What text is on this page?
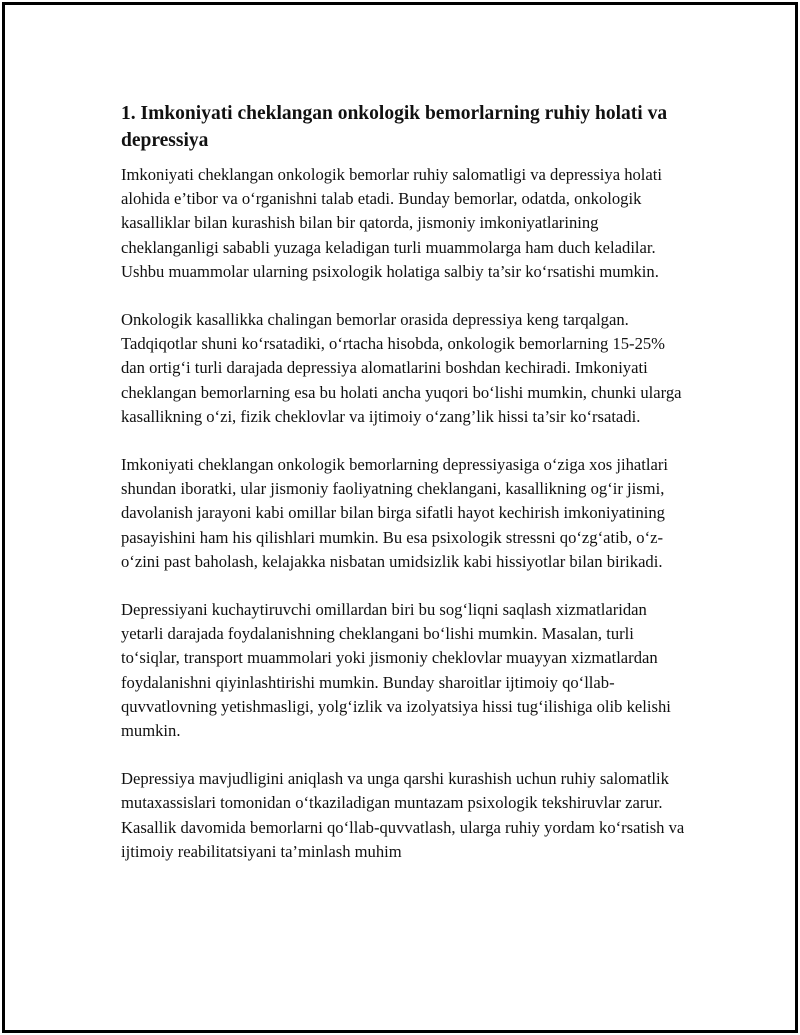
1. Imkoniyati cheklangan onkologik bemorlarning ruhiy holati va depressiya

Imkoniyati cheklangan onkologik bemorlar ruhiy salomatligi va depressiya holati alohida e’tibor va o‘rganishni talab etadi. Bunday bemorlar, odatda, onkologik kasalliklar bilan kurashish bilan bir qatorda, jismoniy imkoniyatlarining cheklanganligi sababli yuzaga keladigan turli muammolarga ham duch keladilar. Ushbu muammolar ularning psixologik holatiga salbiy ta’sir ko‘rsatishi mumkin.

Onkologik kasallikka chalingan bemorlar orasida depressiya keng tarqalgan. Tadqiqotlar shuni ko‘rsatadiki, o‘rtacha hisobda, onkologik bemorlarning 15-25% dan ortig‘i turli darajada depressiya alomatlarini boshdan kechiradi. Imkoniyati cheklangan bemorlarning esa bu holati ancha yuqori bo‘lishi mumkin, chunki ularga kasallikning o‘zi, fizik cheklovlar va ijtimoiy o‘zang’lik hissi ta’sir ko‘rsatadi.

Imkoniyati cheklangan onkologik bemorlarning depressiyasiga o‘ziga xos jihatlari shundan iboratki, ular jismoniy faoliyatning cheklangani, kasallikning og‘ir jismi, davolanish jarayoni kabi omillar bilan birga sifatli hayot kechirish imkoniyatining pasayishini ham his qilishlari mumkin. Bu esa psixologik stressni qo‘zg‘atib, o‘z-o‘zini past baholash, kelajakka nisbatan umidsizlik kabi hissiyotlar bilan birikadi.

Depressiyani kuchaytiruvchi omillardan biri bu sog‘liqni saqlash xizmatlaridan yetarli darajada foydalanishning cheklangani bo‘lishi mumkin. Masalan, turli to‘siqlar, transport muammolari yoki jismoniy cheklovlar muayyan xizmatlardan foydalanishni qiyinlashtirishi mumkin. Bunday sharoitlar ijtimoiy qo‘llab-quvvatlovning yetishmasligi, yolg‘izlik va izolyatsiya hissi tug‘ilishiga olib kelishi mumkin.

Depressiya mavjudligini aniqlash va unga qarshi kurashish uchun ruhiy salomatlik mutaxassislari tomonidan o‘tkaziladigan muntazam psixologik tekshiruvlar zarur. Kasallik davomida bemorlarni qo‘llab-quvvatlash, ularga ruhiy yordam ko‘rsatish va ijtimoiy reabilitatsiyani ta’minlash muhim
